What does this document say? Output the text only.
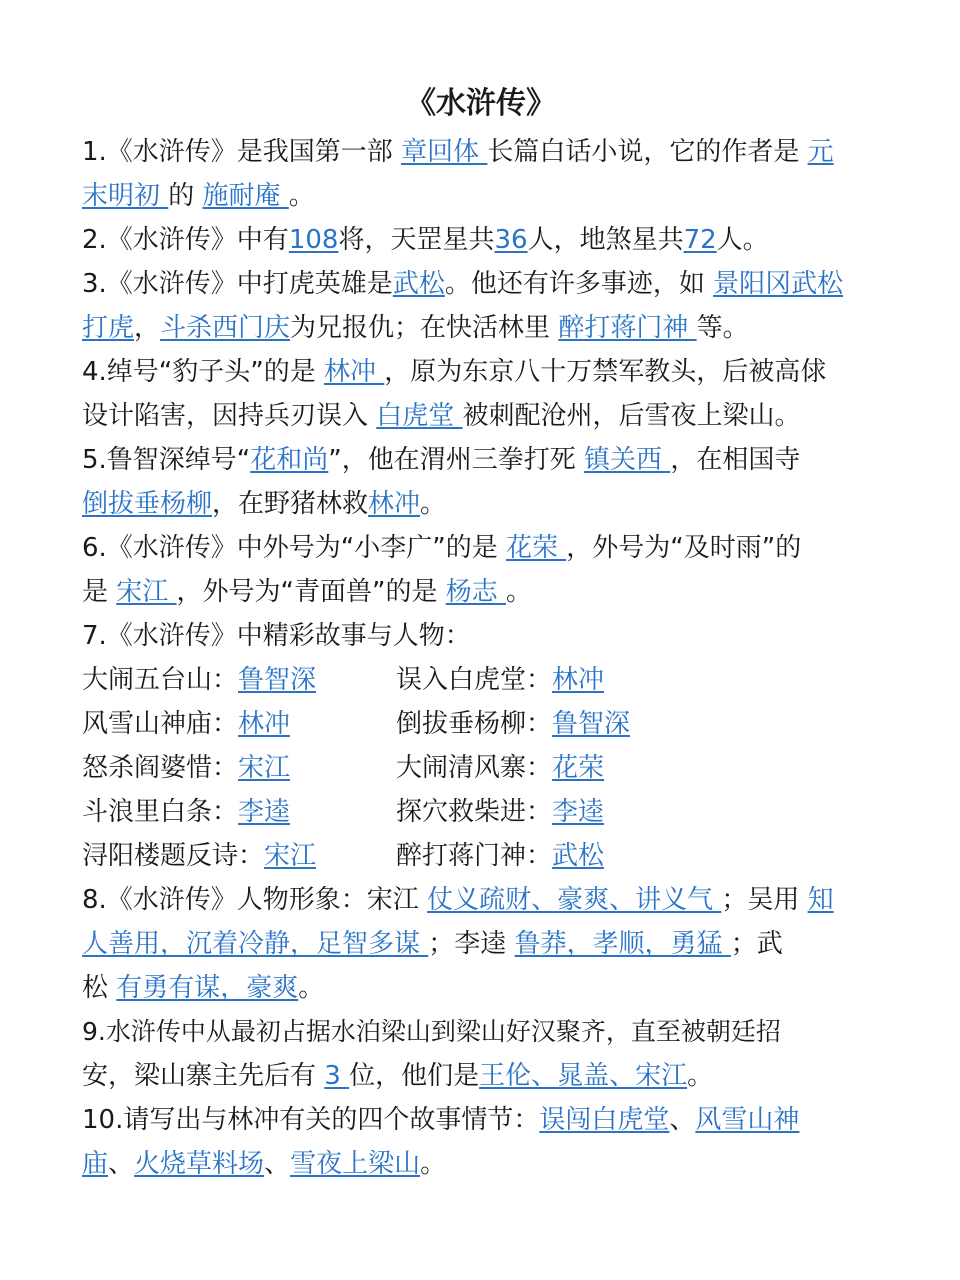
《水浒传》
1.《水浒传》是我国第一部 章回体 长篇白话小说，它的作者是 元
末明初 的 施耐庵 。
2.《水浒传》中有108将，天罡星共36人，地煞星共72人。
3.《水浒传》中打虎英雄是武松。他还有许多事迹，如 景阳冈武松
打虎，斗杀西门庆为兄报仇；在快活林里 醉打蒋门神 等。
4.绰号“豹子头”的是 林冲 ，原为东京八十万禁军教头，后被高俅
设计陷害，因持兵刃误入 白虎堂 被刺配沧州，后雪夜上梁山。
5.鲁智深绰号“花和尚”，他在渭州三拳打死 镇关西 ，在相国寺
倒拔垂杨柳，在野猪林救林冲。
6.《水浒传》中外号为“小李广”的是 花荣 ，外号为“及时雨”的
是 宋江 ，外号为“青面兽”的是 杨志 。
7.《水浒传》中精彩故事与人物：
大闹五台山：鲁智深	误入白虎堂：林冲
风雪山神庙：林冲	倒拔垂杨柳：鲁智深
怒杀阎婆惜：宋江	大闹清风寨：花荣
斗浪里白条：李逵	探穴救柴进：李逵
浔阳楼题反诗：宋江	醉打蒋门神：武松
8.《水浒传》人物形象：宋江 仗义疏财、豪爽、讲义气 ；吴用 知
人善用，沉着冷静，足智多谋 ；李逵 鲁莽，孝顺，勇猛 ；武
松 有勇有谋，豪爽。
9.水浒传中从最初占据水泊梁山到梁山好汉聚齐，直至被朝廷招
安，梁山寨主先后有 3 位，他们是王伦、晁盖、宋江。
10.请写出与林冲有关的四个故事情节：误闯白虎堂、风雪山神
庙、火烧草料场、雪夜上梁山。
